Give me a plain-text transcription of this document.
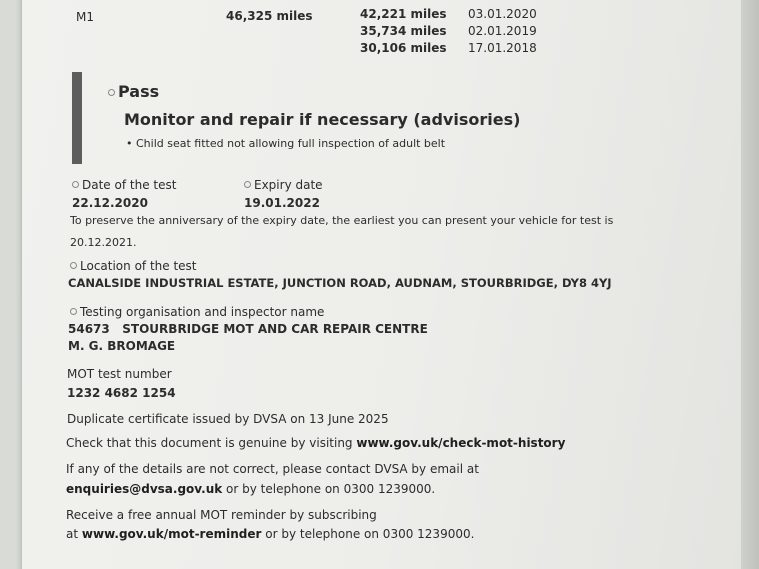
M1	46,325 miles	42,221 miles 03.01.2020
35,734 miles 02.01.2019
30,106 miles 17.01.2018
Pass
Monitor and repair if necessary (advisories)
• Child seat fitted not allowing full inspection of adult belt
Date of the test
22.12.2020
Expiry date
19.01.2022
To preserve the anniversary of the expiry date, the earliest you can present your vehicle for test is
20.12.2021.
Location of the test
CANALSIDE INDUSTRIAL ESTATE, JUNCTION ROAD, AUDNAM, STOURBRIDGE, DY8 4YJ
Testing organisation and inspector name
54673   STOURBRIDGE MOT AND CAR REPAIR CENTRE
M. G. BROMAGE
MOT test number
1232 4682 1254
Duplicate certificate issued by DVSA on 13 June 2025
Check that this document is genuine by visiting www.gov.uk/check-mot-history
If any of the details are not correct, please contact DVSA by email at
enquiries@dvsa.gov.uk or by telephone on 0300 1239000.
Receive a free annual MOT reminder by subscribing
at www.gov.uk/mot-reminder or by telephone on 0300 1239000.
